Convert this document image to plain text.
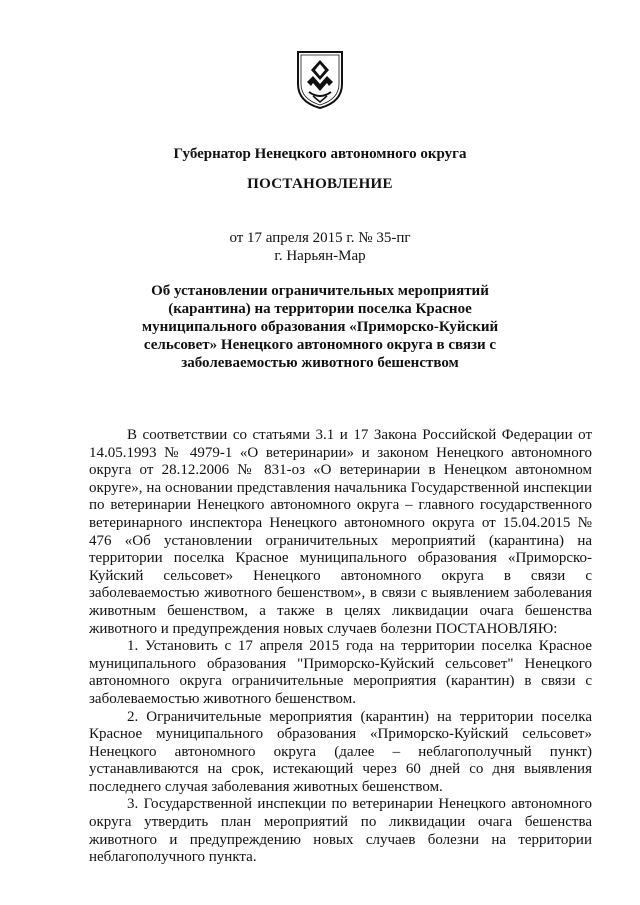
Губернатор Ненецкого автономного округа
ПОСТАНОВЛЕНИЕ
от 17 апреля 2015 г. № 35-пг
г. Нарьян-Мар
Об установлении ограничительных мероприятий (карантина) на территории поселка Красное муниципального образования «Приморско-Куйский сельсовет» Ненецкого автономного округа в связи с заболеваемостью животного бешенством

В соответствии со статьями 3.1 и 17 Закона Российской Федерации от 14.05.1993 № 4979-1 «О ветеринарии» и законом Ненецкого автономного округа от 28.12.2006 № 831-оз «О ветеринарии в Ненецком автономном округе», на основании представления начальника Государственной инспекции по ветеринарии Ненецкого автономного округа – главного государственного ветеринарного инспектора Ненецкого автономного округа от 15.04.2015 № 476 «Об установлении ограничительных мероприятий (карантина) на территории поселка Красное муниципального образования «Приморско-Куйский сельсовет» Ненецкого автономного округа в связи с заболеваемостью животного бешенством», в связи с выявлением заболевания животным бешенством, а также в целях ликвидации очага бешенства животного и предупреждения новых случаев болезни ПОСТАНОВЛЯЮ:

1. Установить с 17 апреля 2015 года на территории поселка Красное муниципального образования "Приморско-Куйский сельсовет" Ненецкого автономного округа ограничительные мероприятия (карантин) в связи с заболеваемостью животного бешенством.

2. Ограничительные мероприятия (карантин) на территории поселка Красное муниципального образования «Приморско-Куйский сельсовет» Ненецкого автономного округа (далее – неблагополучный пункт) устанавливаются на срок, истекающий через 60 дней со дня выявления последнего случая заболевания животных бешенством.

3. Государственной инспекции по ветеринарии Ненецкого автономного округа утвердить план мероприятий по ликвидации очага бешенства животного и предупреждению новых случаев болезни на территории неблагополучного пункта.
